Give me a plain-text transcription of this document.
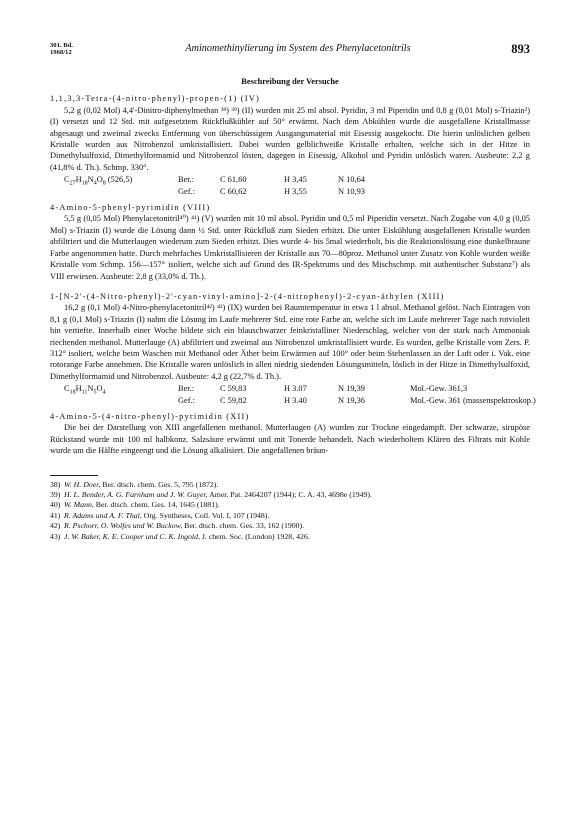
301. Bd.
1968/12	Aminomethinylierung im System des Phenylacetonitrils	893
Beschreibung der Versuche
1,1,3,3-Tetra-(4-nitro-phenyl)-propen-(1) (IV)
5,2 g (0,02 Mol) 4,4'-Dinitro-diphenylmethan ³⁸) ³⁹) (II) wurden mit 25 ml absol. Pyridin, 3 ml Piperidin und 0,8 g (0,01 Mol) s-Triazin²) (I) versetzt und 12 Std. mit aufgesetztem Rückflußkühler auf 50° erwärmt. Nach dem Abkühlen wurde die ausgefallene Kristallmasse abgesaugt und zweimal zwecks Entfernung von überschüssigem Ausgangsmaterial mit Eisessig ausgekocht. Die hierin unlöslichen gelben Kristalle wurden aus Nitrobenzol umkristallisiert. Dabei wurden gelblichweiße Kristalle erhalten, welche sich in der Hitze in Dimethylsulfoxid, Dimethylformamid und Nitrobenzol lösten, dagegen in Eisessig, Alkohol und Pyridin unlöslich waren. Ausbeute: 2,2 g (41,8% d. Th.). Schmp. 330°.
$C_{27}H_{18}N_4O_8$ (526,5)	Ber.:	C 61,60	H 3,45	N 10,64
Gef.:	C 60,62	H 3,55	N 10,93
4-Amino-5-phenyl-pyrimidin (VIII)
5,5 g (0,05 Mol) Phenylacetonitril⁴⁰) ⁴¹) (V) wurden mit 10 ml absol. Pyridin und 0,5 ml Piperidin versetzt. Nach Zugabe von 4,0 g (0,05 Mol) s-Triazin (I) wurde die Lösung dann ½ Std. unter Rückfluß zum Sieden erhitzt. Die unter Eiskühlung ausgefallenen Kristalle wurden abfiltriert und die Mutterlaugen wiederum zum Sieden erhitzt. Dies wurde 4- bis 5mal wiederholt, bis die Reaktionslösung eine dunkelbraune Farbe angenommen hatte. Durch mehrfaches Umkristallisieren der Kristalle aus 70—80proz. Methanol unter Zusatz von Kohle wurden weiße Kristalle vom Schmp. 156—157° isoliert, welche sich auf Grund des IR-Spektrums und des Mischschmp. mit authentischer Substanz⁷) als VIII erwiesen. Ausbeute: 2,8 g (33,0% d. Th.).
1-[N-2'-(4-Nitro-phenyl)-2'-cyan-vinyl-amino]-2-(4-nitrophenyl)-2-cyan-äthylen (XIII)
16,2 g (0,1 Mol) 4-Nitro-phenylacetonitril⁴²) ⁴³) (IX) wurden bei Raumtemperatur in etwa 1 l absol. Methanol gelöst. Nach Eintragen von 8,1 g (0,1 Mol) s-Triazin (I) nahm die Lösung im Laufe mehrerer Std. eine rote Farbe an, welche sich im Laufe mehrerer Tage nach rotviolett hin vertiefte. Innerhalb einer Woche bildete sich ein blauschwarzer feinkristalliner Niederschlag, welcher von der stark nach Ammoniak riechenden methanol. Mutterlauge (A) abfiltriert und zweimal aus Nitrobenzol umkristallisiert wurde. Es wurden, gelbe Kristalle vom Zers. P. 312° isoliert, welche beim Waschen mit Methanol oder Äther beim Erwärmen auf 100° oder beim Stehenlassen an der Luft oder i. Vak. eine rotorange Farbe annehmen. Die Kristalle waren unlöslich in allen niedrig siedenden Lösungsmitteln, löslich in der Hitze in Dimethylsulfoxid, Dimethylformamid und Nitrobenzol. Ausbeute: 4,2 g (22,7% d. Th.).
$C_{18}H_{11}N_5O_4$	Ber.:	C 59,83	H 3.07	N 19,39	Mol.-Gew. 361,3
Gef.:	C 59,82	H 3.40	N 19,36	Mol.-Gew. 361 (massenspektroskop.)
4-Amino-5-(4-nitro-phenyl)-pyrimidin (XII)
Die bei der Darstellung von XIII angefallenen methanol. Mutterlaugen (A) wurden zur Trockne eingedampft. Der schwarze, sirupöse Rückstand wurde mit 100 ml halbkonz. Salzsäure erwärmt und mit Tonerde behandelt. Nach wiederholtem Klären des Filtrats mit Kohle wurde um die Hälfte eingeengt und die Lösung alkalisiert. Die angefallenen bräun-
38) W. H. Doer, Ber. dtsch. chem. Ges. 5, 795 (1872).
39) H. L. Bender, A. G. Farnham und J. W. Guyer, Amer. Pat. 2464207 (1944); C. A. 43, 4698e (1949).
40) W. Mann, Ber. dtsch. chem. Ges. 14, 1645 (1881).
41) R. Adams und A. F. Thal, Org. Syntheses, Coll. Vol. I, 107 (1948).
42) R. Pschorr, O. Wolfes und W. Buckow, Ber. dtsch. chem. Ges. 33, 162 (1900).
43) J. W. Baker, K. E. Cooper und C. K. Ingold, J. chem. Soc. (London) 1928, 426.
